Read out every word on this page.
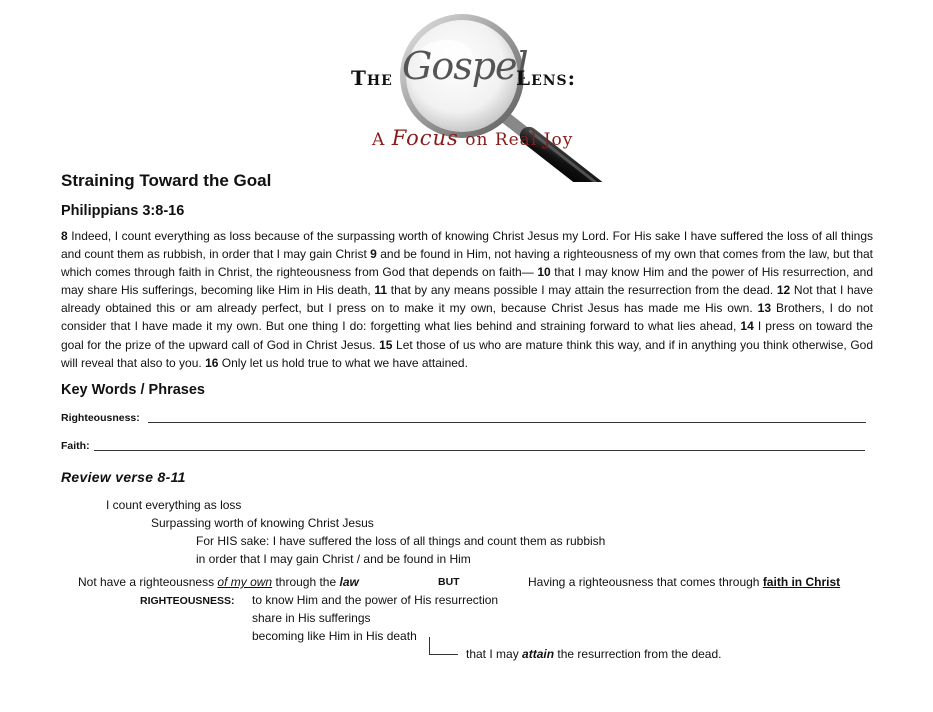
The Gospel
Lens:
A Focus on Real Joy
Straining Toward the Goal
Philippians 3:8-16
8 Indeed, I count everything as loss because of the surpassing worth of knowing Christ Jesus my Lord. For His sake I have suffered the loss of all things and count them as rubbish, in order that I may gain Christ 9 and be found in Him, not having a righteousness of my own that comes from the law, but that which comes through faith in Christ, the righteousness from God that depends on faith— 10 that I may know Him and the power of His resurrection, and may share His sufferings, becoming like Him in His death, 11 that by any means possible I may attain the resurrection from the dead. 12 Not that I have already obtained this or am already perfect, but I press on to make it my own, because Christ Jesus has made me His own. 13 Brothers, I do not consider that I have made it my own. But one thing I do: forgetting what lies behind and straining forward to what lies ahead, 14 I press on toward the goal for the prize of the upward call of God in Christ Jesus. 15 Let those of us who are mature think this way, and if in anything you think otherwise, God will reveal that also to you. 16 Only let us hold true to what we have attained.
Key Words / Phrases
Righteousness:
Faith:
Review verse 8-11
I count everything as loss
Surpassing worth of knowing Christ Jesus
For HIS sake: I have suffered the loss of all things and count them as rubbish
in order that I may gain Christ / and be found in Him
Not have a righteousness of my own through the law	BUT	Having a righteousness that comes through faith in Christ
RIGHTEOUSNESS: to know Him and the power of His resurrection
share in His sufferings
becoming like Him in His death
that I may attain the resurrection from the dead.
